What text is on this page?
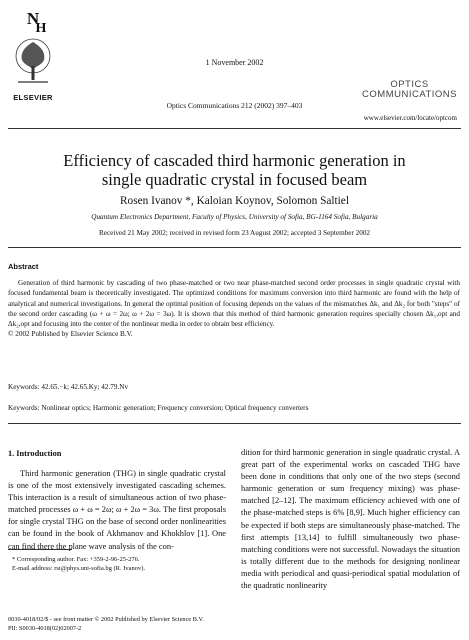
N
H
ELSEVIER
1 November 2002
Optics Communications 212 (2002) 397–403
OPTICS
COMMUNICATIONS
www.elsevier.com/locate/optcom
Efficiency of cascaded third harmonic generation in
single quadratic crystal in focused beam
Rosen Ivanov *, Kaloian Koynov, Solomon Saltiel
Quantum Electronics Department, Faculty of Physics, University of Sofia, BG-1164 Sofia, Bulgaria
Received 21 May 2002; received in revised form 23 August 2002; accepted 3 September 2002
Abstract
Generation of third harmonic by cascading of two phase-matched or two near phase-matched second order processes in single quadratic crystal with focused fundamental beam is theoretically investigated. The optimized conditions for maximum conversion into third harmonic are found with the help of analytical and numerical investigations. In general the optimal position of focusing depends on the values of the mismatches Δk₁ and Δk₂ for both "steps" of the second order cascading (ω + ω = 2ω; ω + 2ω = 3ω). It is shown that this method of third harmonic generation requires specially chosen Δk₁,opt and Δk₂,opt and focusing into the center of the nonlinear media in order to obtain best efficiency.
© 2002 Published by Elsevier Science B.V.
Keywords: 42.65.−k; 42.65.Ky; 42.79.Nv
Keywords: Nonlinear optics; Harmonic generation; Frequency conversion; Optical frequency converters
1. Introduction

Third harmonic generation (THG) in single quadratic crystal is one of the most extensively investigated cascading schemes. This interaction is a result of simultaneous action of two phase-matched processes ω + ω = 2ω; ω + 2ω = 3ω. The first proposals for single crystal THG on the base of second order nonlinearities can be found in the book of Akhmanov and Khokhlov [1]. One can find there the plane wave analysis of the con-

dition for third harmonic generation in single quadratic crystal. A great part of the experimental works on cascaded THG have been done in conditions that only one of the two steps (second harmonic generation or sum frequency mixing) was phase-matched [2–12]. The maximum efficiency achieved with one of the phase-matched steps is 6% [8,9]. Much higher efficiency can be expected if both steps are simultaneously phase-matched. The first attempts [13,14] to fulfill simultaneously two phase-matching conditions were not successful. Nowadays the situation is totally different due to the methods for designing nonlinear media with periodical and quasi-periodical spatial modulation of the quadratic nonlinearity

* Corresponding author. Fax: +359-2-96-25-276.
E-mail address: rsi@phys.uni-sofia.bg (R. Ivanov).
0030-4018/02/$ - see front matter © 2002 Published by Elsevier Science B.V.
PII: S0030-4018(02)02007-2
